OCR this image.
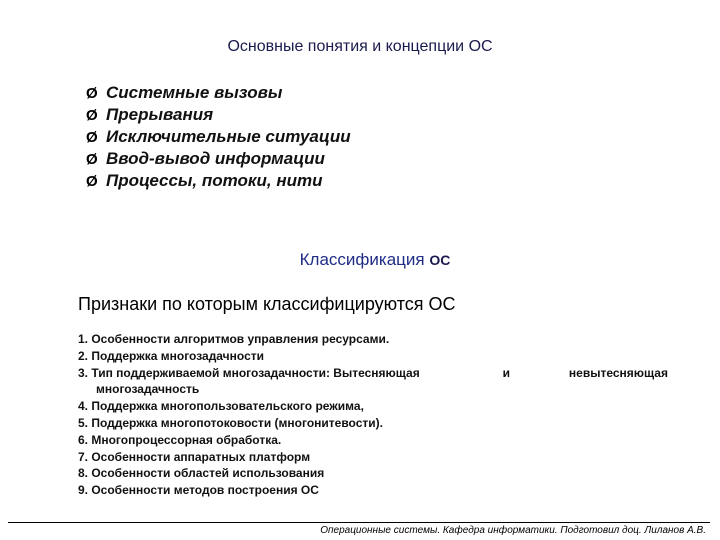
Основные понятия и концепции ОС
Ø Системные вызовы
Ø Прерывания
Ø Исключительные ситуации
Ø Ввод-вывод информации
Ø Процессы, потоки, нити
Классификация ОС
Признаки по которым классифицируются ОС
1. Особенности алгоритмов управления ресурсами.
2. Поддержка многозадачности
3. Тип поддерживаемой многозадачности: Вытесняющая	и	невытесняющая
многозадачность
4. Поддержка многопользовательского режима,
5. Поддержка многопотоковости (многонитевости).
6. Многопроцессорная обработка.
7. Особенности аппаратных платформ
8. Особенности областей использования
9. Особенности методов построения ОС
Операционные системы. Кафедра информатики. Подготовил доц. Лиланов А.В.
